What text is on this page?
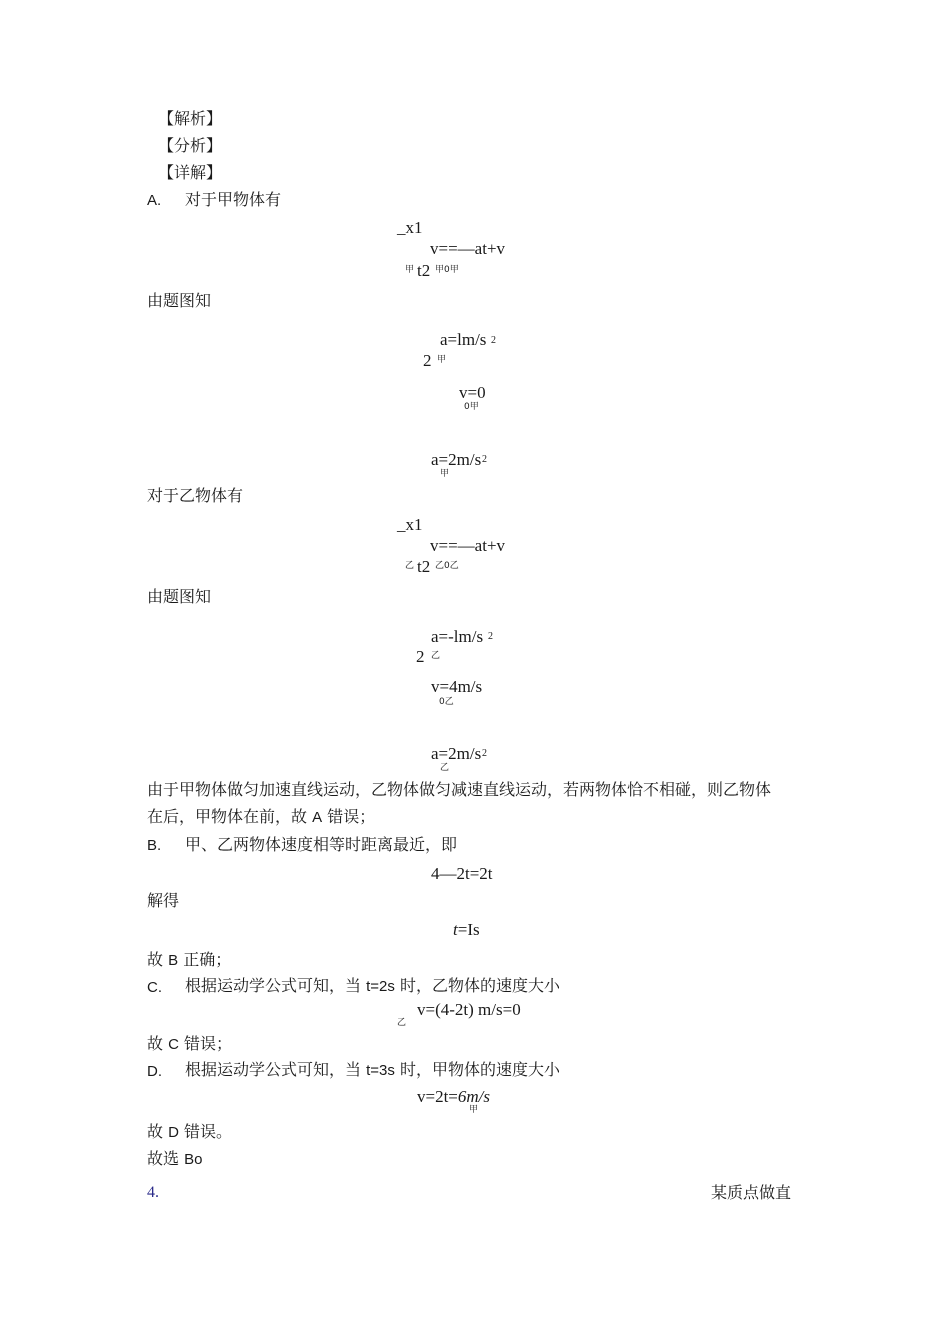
【解析】
【分析】
【详解】
A. 对于甲物体有
_x1
v==—at+v
甲 t2 甲0甲
由题图知
a=lm/s 2
2 甲
v=0
0甲
a=2m/s 2
甲
对于乙物体有
_x1
v==—at+v
乙 t2 乙0乙
由题图知
a=-lm/s 2
2 乙
v=4m/s
0乙
a=2m/s 2
乙
由于甲物体做匀加速直线运动，乙物体做匀减速直线运动，若两物体恰不相碰，则乙物体
在后，甲物体在前，故 A 错误；
B. 甲、乙两物体速度相等时距离最近，即
4—2t=2t
解得
t=Is
故 B 正确；
C. 根据运动学公式可知，当 t=2s 时，乙物体的速度大小
v=(4-2t) m/s=0
乙
故 C 错误；
D. 根据运动学公式可知，当 t=3s 时，甲物体的速度大小
v=2t=6m/s
甲
故 D 错误。
故选 Bo
4.	某质点做直
